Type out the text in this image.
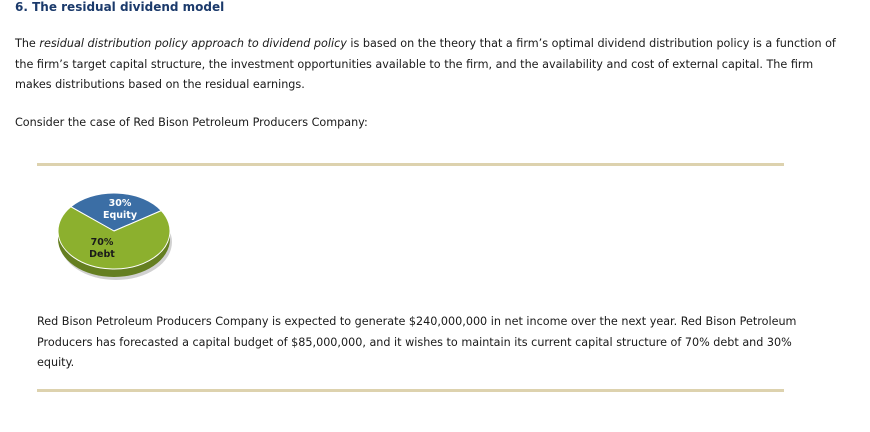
6. The residual dividend model

The residual distribution policy approach to dividend policy is based on the theory that a firm’s optimal dividend distribution policy is a function of the firm’s target capital structure, the investment opportunities available to the firm, and the availability and cost of external capital. The firm makes distributions based on the residual earnings.

Consider the case of Red Bison Petroleum Producers Company:

30% Equity
70% Debt

Red Bison Petroleum Producers Company is expected to generate $240,000,000 in net income over the next year. Red Bison Petroleum Producers has forecasted a capital budget of $85,000,000, and it wishes to maintain its current capital structure of 70% debt and 30% equity.
